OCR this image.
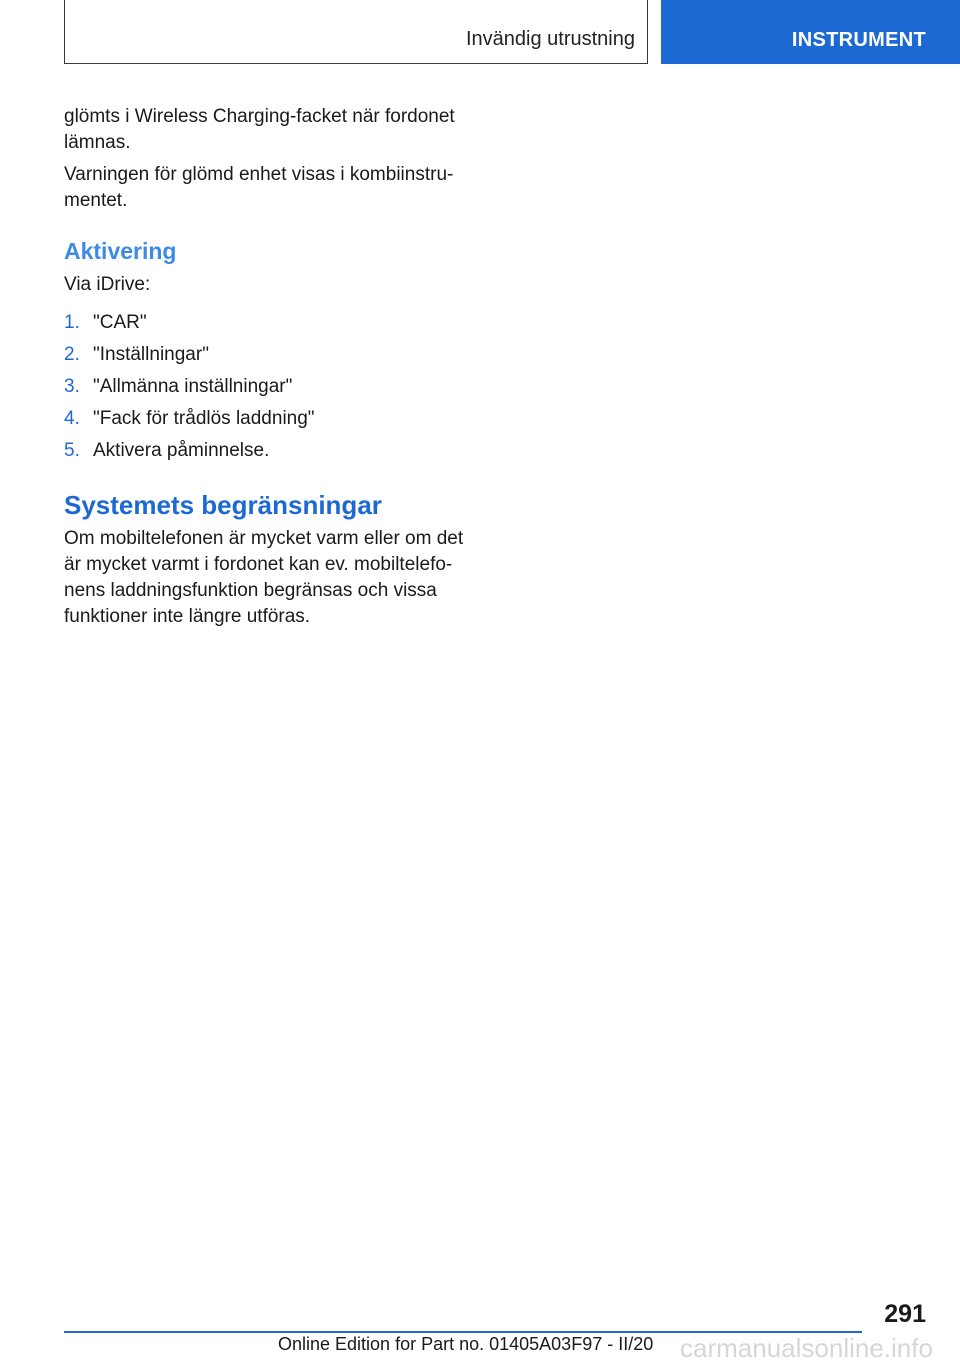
Invändig utrustning	INSTRUMENT

glömts i Wireless Charging-facket när fordonet lämnas.

Varningen för glömd enhet visas i kombiinstru‐ mentet.

Aktivering

Via iDrive:

1. "CAR"
2. "Inställningar"
3. "Allmänna inställningar"
4. "Fack för trådlös laddning"
5. Aktivera påminnelse.
Systemets begränsningar

Om mobiltelefonen är mycket varm eller om det är mycket varmt i fordonet kan ev. mobiltelefo‐ nens laddningsfunktion begränsas och vissa funktioner inte längre utföras.

291
Online Edition for Part no. 01405A03F97 - II/20 carmanualsonline.info
